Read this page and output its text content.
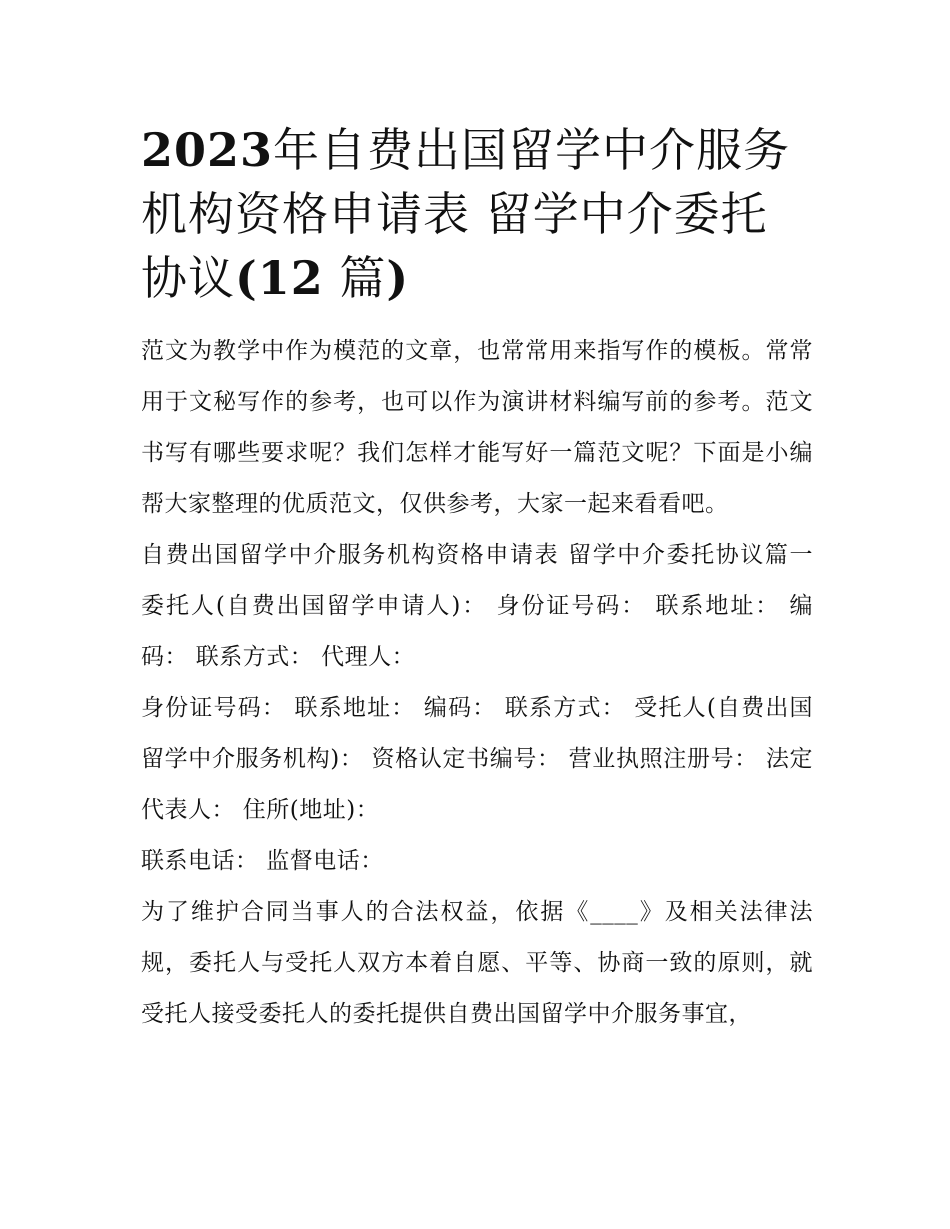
2023年自费出国留学中介服务机构资格申请表 留学中介委托协议(12 篇)

范文为教学中作为模范的文章，也常常用来指写作的模板。常常用于文秘写作的参考，也可以作为演讲材料编写前的参考。范文书写有哪些要求呢？我们怎样才能写好一篇范文呢？下面是小编帮大家整理的优质范文，仅供参考，大家一起来看看吧。

自费出国留学中介服务机构资格申请表 留学中介委托协议篇一 委托人(自费出国留学申请人)： 身份证号码： 联系地址： 编码： 联系方式： 代理人：

身份证号码： 联系地址： 编码： 联系方式： 受托人(自费出国留学中介服务机构)： 资格认定书编号： 营业执照注册号： 法定代表人： 住所(地址)：

联系电话： 监督电话：

为了维护合同当事人的合法权益，依据《____》及相关法律法规，委托人与受托人双方本着自愿、平等、协商一致的原则，就受托人接受委托人的委托提供自费出国留学中介服务事宜，
